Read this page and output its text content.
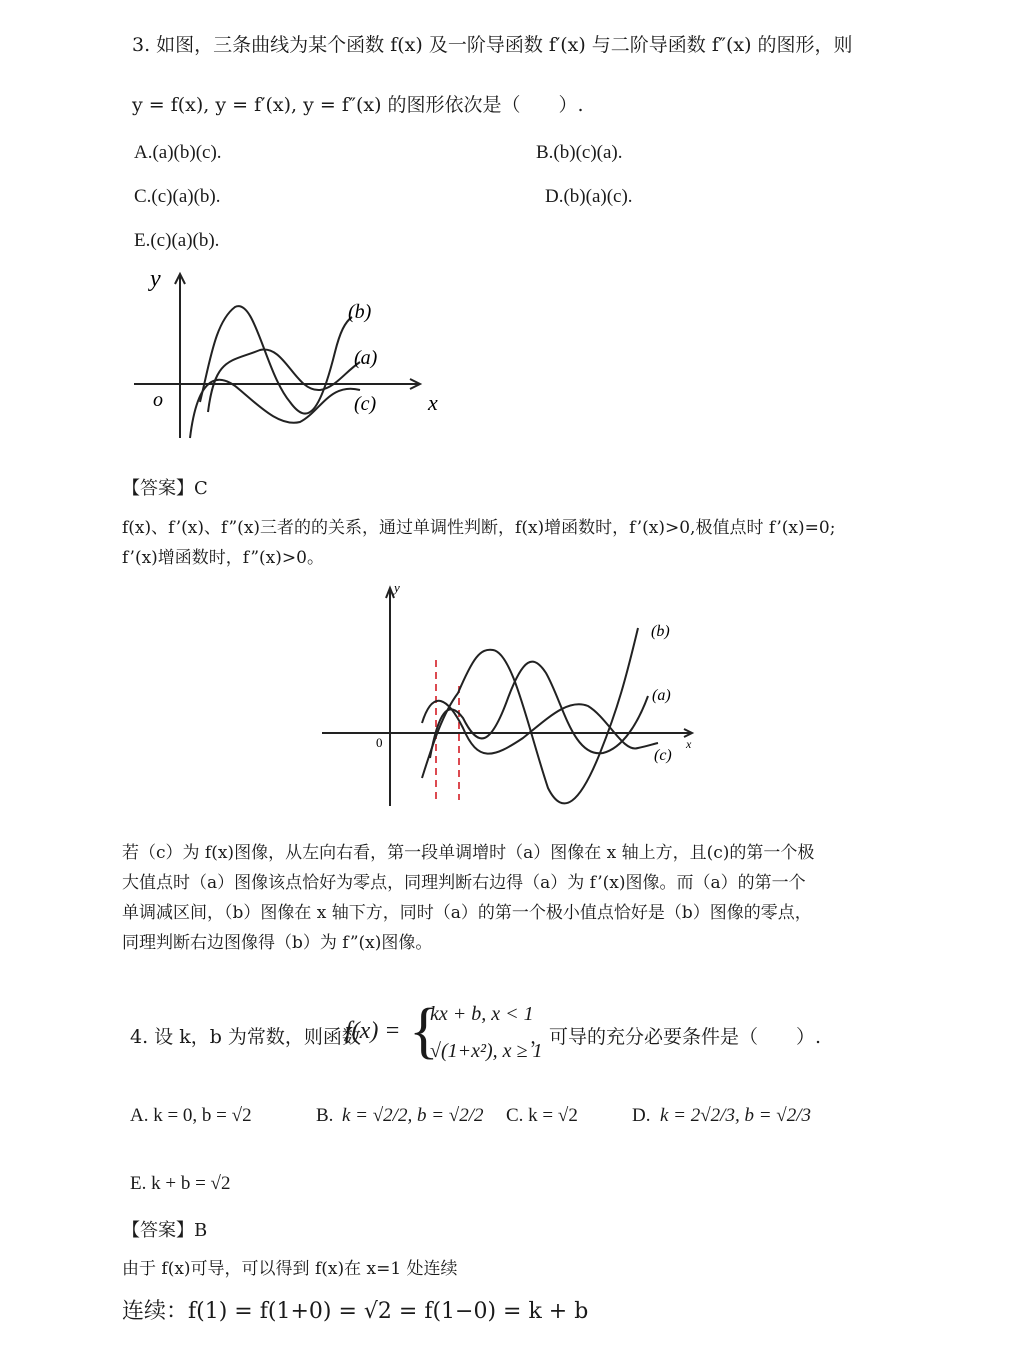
3. 如图，三条曲线为某个函数 f(x) 及一阶导函数 f′(x) 与二阶导函数 f″(x) 的图形，则
y = f(x), y = f′(x), y = f″(x) 的图形依次是（　　）.
A.(a)(b)(c).	B.(b)(c)(a).
C.(c)(a)(b).	D.(b)(a)(c).
E.(c)(a)(b).
y
o	x
(b)
(a)
(c)
【答案】C
f(x)、f’(x)、f”(x)三者的的关系，通过单调性判断，f(x)增函数时，f’(x)>0,极值点时 f’(x)=0;
f’(x)增函数时，f”(x)>0。
y
0	x
(b)
(a)
(c)
若（c）为 f(x)图像，从左向右看，第一段单调增时（a）图像在 x 轴上方，且(c)的第一个极
大值点时（a）图像该点恰好为零点，同理判断右边得（a）为 f’(x)图像。而（a）的第一个
单调减区间，（b）图像在 x 轴下方，同时（a）的第一个极小值点恰好是（b）图像的零点，
同理判断右边图像得（b）为 f”(x)图像。
4. 设 k，b 为常数，则函数
f(x) = {
kx + b, x < 1
√(1+x²), x ≥ 1
，可导的充分必要条件是（　　）.
A. k = 0, b = √2	B. k = √2/2, b = √2/2 C. k = √2	D. k = 2√2/3, b = √2/3
E. k + b = √2
【答案】B
由于 f(x)可导，可以得到 f(x)在 x=1 处连续
连续：f(1) = f(1+0) = √2 = f(1−0) = k + b
